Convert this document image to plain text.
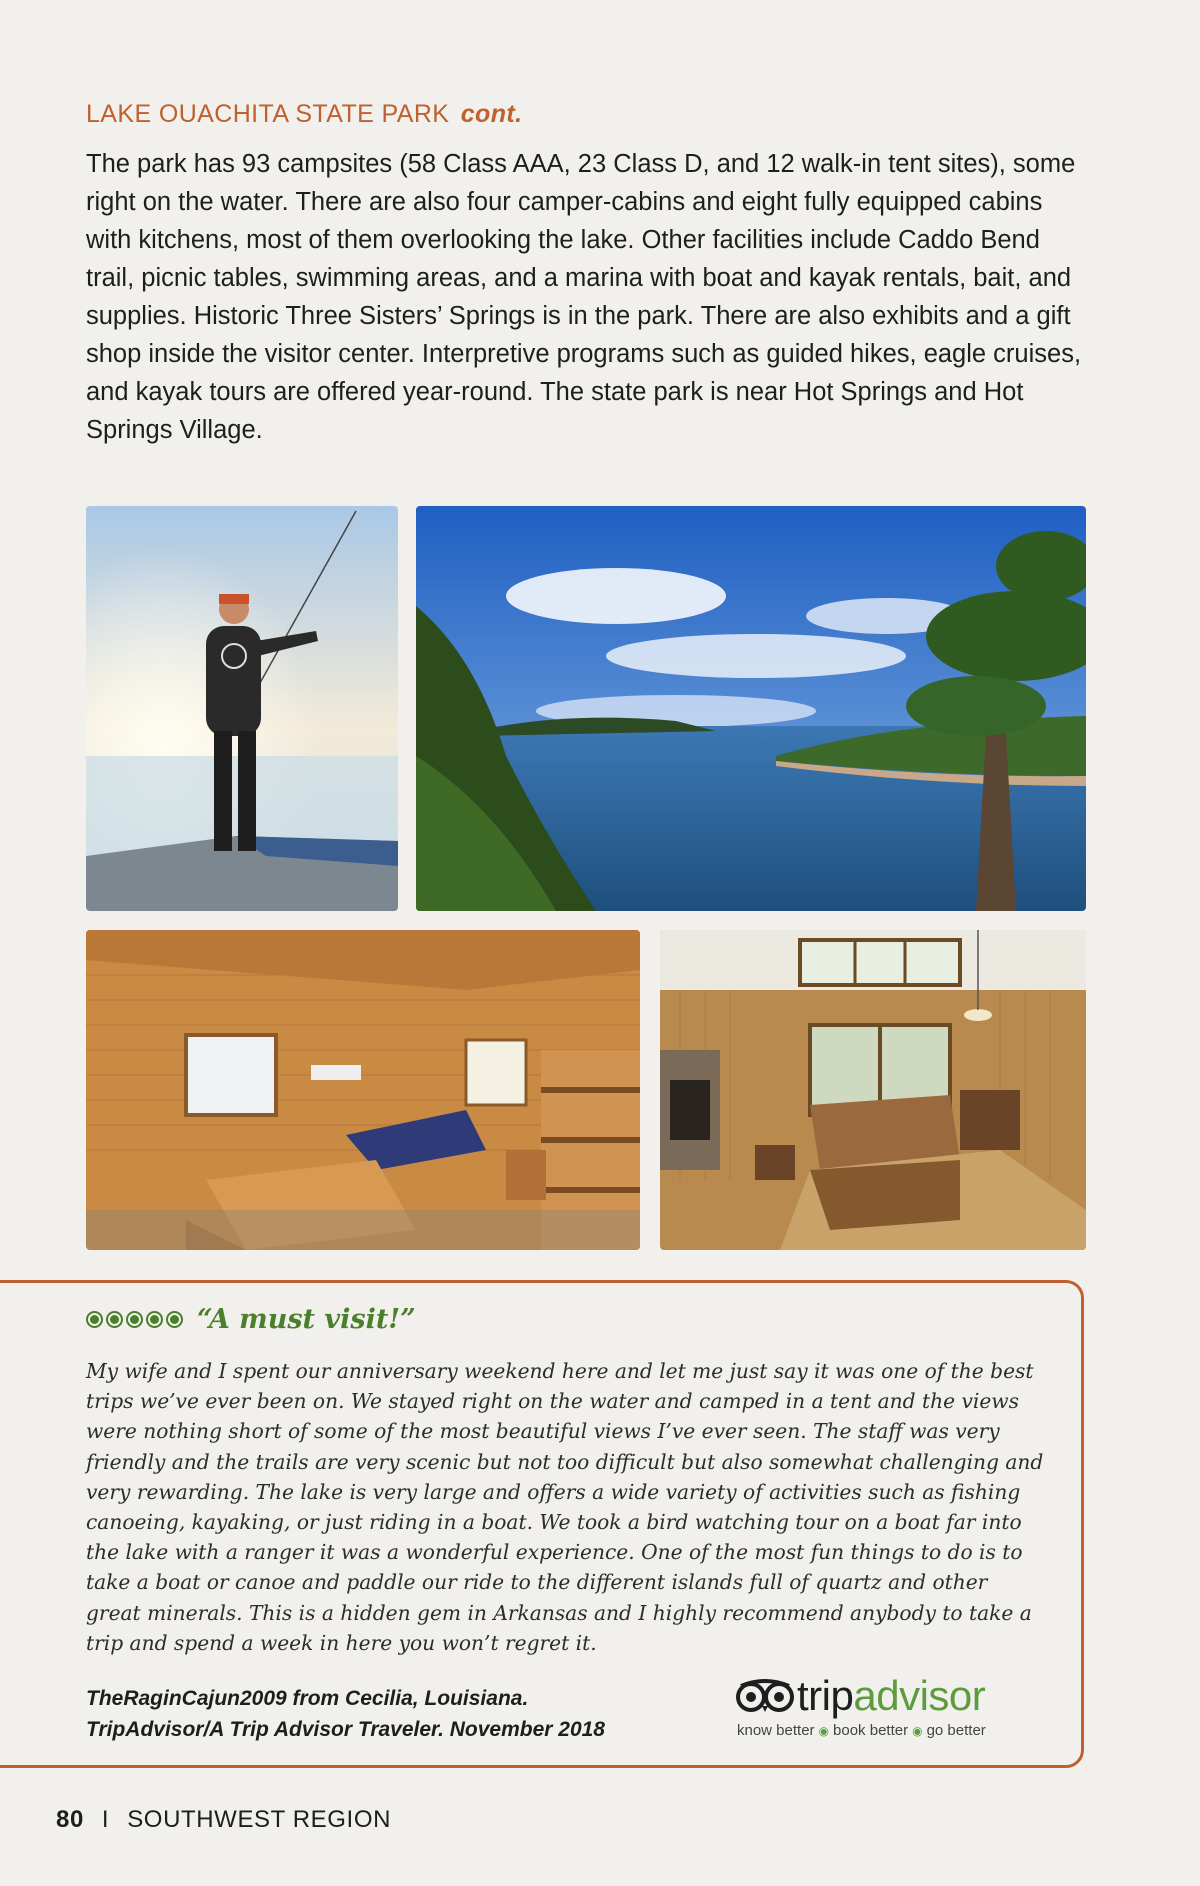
LAKE OUACHITA STATE PARK cont.
The park has 93 campsites (58 Class AAA, 23 Class D, and 12 walk-in tent sites), some right on the water. There are also four camper-cabins and eight fully equipped cabins with kitchens, most of them overlooking the lake. Other facilities include Caddo Bend trail, picnic tables, swimming areas, and a marina with boat and kayak rentals, bait, and supplies. Historic Three Sisters’ Springs is in the park. There are also exhibits and a gift shop inside the visitor center. Interpretive programs such as guided hikes, eagle cruises, and kayak tours are offered year-round. The state park is near Hot Springs and Hot Springs Village.
“A must visit!”
My wife and I spent our anniversary weekend here and let me just say it was one of the best trips we’ve ever been on. We stayed right on the water and camped in a tent and the views were nothing short of some of the most beautiful views I’ve ever seen. The staff was very friendly and the trails are very scenic but not too difficult but also somewhat challenging and very rewarding. The lake is very large and offers a wide variety of activities such as fishing canoeing, kayaking, or just riding in a boat. We took a bird watching tour on a boat far into the lake with a ranger it was a wonderful experience. One of the most fun things to do is to take a boat or canoe and paddle our ride to the different islands full of quartz and other great minerals. This is a hidden gem in Arkansas and I highly recommend anybody to take a trip and spend a week in here you won’t regret it.
TheRaginCajun2009 from Cecilia, Louisiana.
TripAdvisor/A Trip Advisor Traveler. November 2018
tripadvisor
know better ◉ book better ◉ go better
80 I SOUTHWEST REGION
